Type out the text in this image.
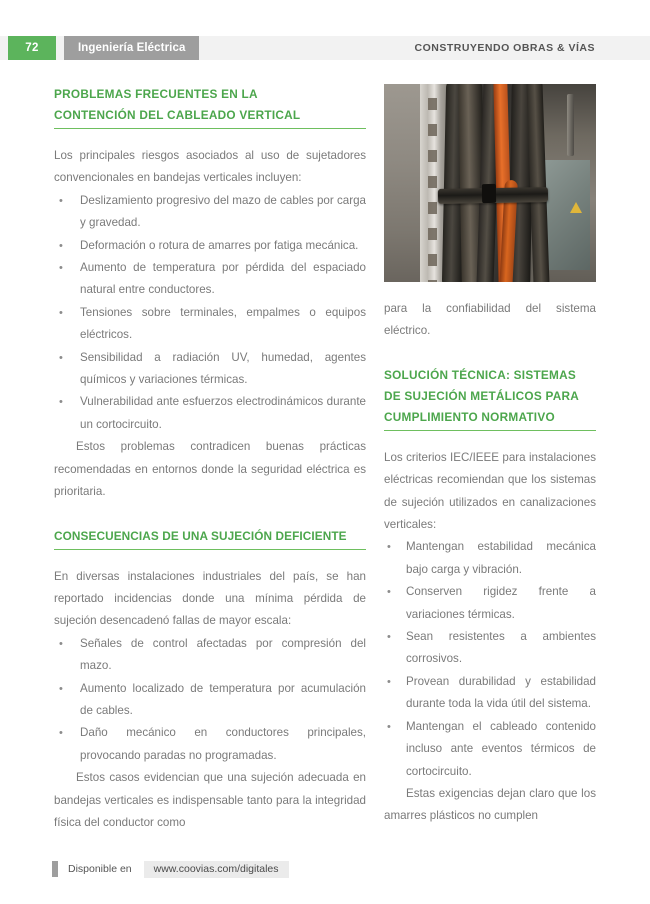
72	Ingeniería Eléctrica	CONSTRUYENDO OBRAS & VÍAS
PROBLEMAS FRECUENTES EN LA
CONTENCIÓN DEL CABLEADO VERTICAL

Los principales riesgos asociados al uso de sujetadores convencionales en bandejas verticales incluyen:

• Deslizamiento progresivo del mazo de cables por carga y gravedad.
• Deformación o rotura de amarres por fatiga mecánica.
• Aumento de temperatura por pérdida del espaciado natural entre conductores.
• Tensiones sobre terminales, empalmes o equipos eléctricos.
• Sensibilidad a radiación UV, humedad, agentes químicos y variaciones térmicas.
• Vulnerabilidad ante esfuerzos electrodinámicos durante un cortocircuito.

Estos problemas contradicen buenas prácticas recomendadas en entornos donde la seguridad eléctrica es prioritaria.

CONSECUENCIAS DE UNA SUJECIÓN DEFICIENTE

En diversas instalaciones industriales del país, se han reportado incidencias donde una mínima pérdida de sujeción desencadenó fallas de mayor escala:

• Señales de control afectadas por compresión del mazo.
• Aumento localizado de temperatura por acumulación de cables.
• Daño mecánico en conductores principales, provocando paradas no programadas.

Estos casos evidencian que una sujeción adecuada en bandejas verticales es indispensable tanto para la integridad física del conductor como

para la confiabilidad del sistema eléctrico.

SOLUCIÓN TÉCNICA: SISTEMAS
DE SUJECIÓN METÁLICOS PARA
CUMPLIMIENTO NORMATIVO

Los criterios IEC/IEEE para instalaciones eléctricas recomiendan que los sistemas de sujeción utilizados en canalizaciones verticales:

• Mantengan estabilidad mecánica bajo carga y vibración.
• Conserven rigidez frente a variaciones térmicas.
• Sean resistentes a ambientes corrosivos.
• Provean durabilidad y estabilidad durante toda la vida útil del sistema.
• Mantengan el cableado contenido incluso ante eventos térmicos de cortocircuito.

Estas exigencias dejan claro que los amarres plásticos no cumplen

Disponible en	www.coovias.com/digitales
